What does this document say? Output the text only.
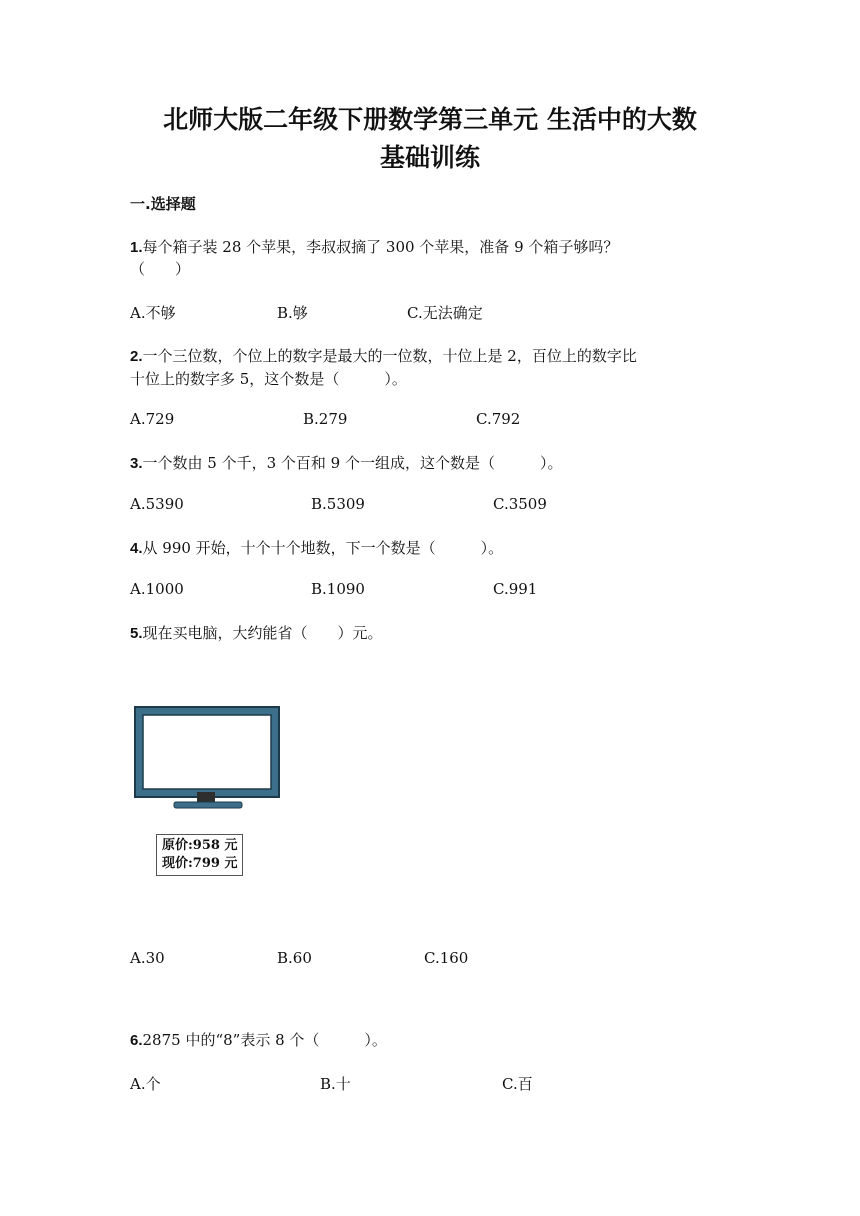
北师大版二年级下册数学第三单元 生活中的大数
基础训练
一.选择题
1.每个箱子装 28 个苹果，李叔叔摘了 300 个苹果，准备 9 个箱子够吗？
（　　）
A.不够	B.够	C.无法确定
2.一个三位数，个位上的数字是最大的一位数，十位上是 2，百位上的数字比
十位上的数字多 5，这个数是（　　　）。
A.729	B.279	C.792
3.一个数由 5 个千，3 个百和 9 个一组成，这个数是（　　　）。
A.5390	B.5309	C.3509
4.从 990 开始，十个十个地数，下一个数是（　　　）。
A.1000	B.1090	C.991
5.现在买电脑，大约能省（　　）元。
原价:958 元
现价:799 元
A.30	B.60	C.160
6.2875 中的“8”表示 8 个（　　　）。
A.个	B.十	C.百
